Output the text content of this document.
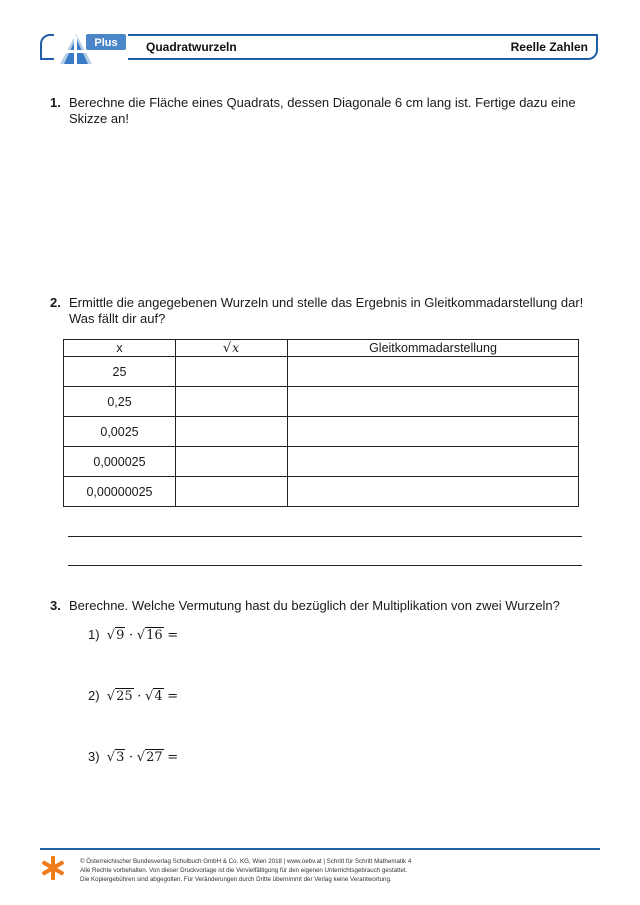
Plus Quadratwurzeln	Reelle Zahlen
1. Berechne die Fläche eines Quadrats, dessen Diagonale 6 cm lang ist. Fertige dazu eine
Skizze an!
2. Ermittle die angegebenen Wurzeln und stelle das Ergebnis in Gleitkommadarstellung dar!
Was fällt dir auf?
x	√x	Gleitkommadarstellung
25		
0,25		
0,0025		
0,000025		
0,00000025		
3. Berechne. Welche Vermutung hast du bezüglich der Multiplikation von zwei Wurzeln?
1) √9 · √16 =
2) √25 · √4 =
3) √3 · √27 =
© Österreichischer Bundesverlag Schulbuch GmbH & Co. KG, Wien 2018 | www.oebv.at | Schritt für Schritt Mathematik 4
Alle Rechte vorbehalten. Von dieser Druckvorlage ist die Vervielfältigung für den eigenen Unterrichtsgebrauch gestattet.
Die Kopiergebühren sind abgegolten. Für Veränderungen durch Dritte übernimmt der Verlag keine Verantwortung.
